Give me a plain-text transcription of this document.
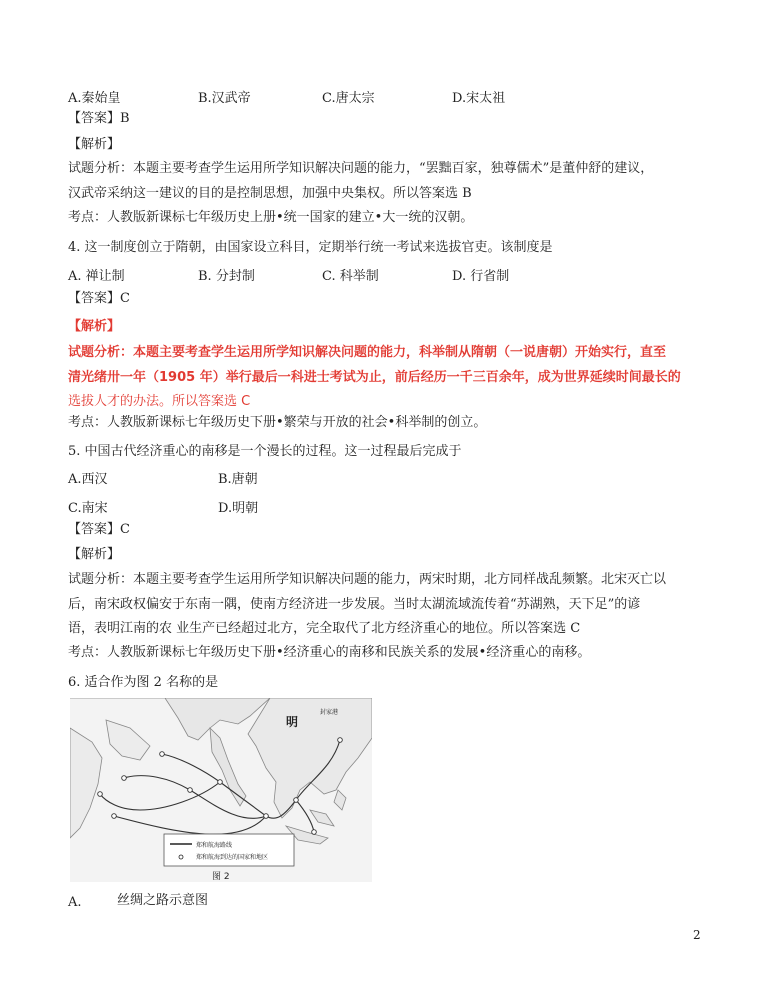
A.秦始皇	B.汉武帝	C.唐太宗	D.宋太祖
【答案】B
【解析】
试题分析：本题主要考查学生运用所学知识解决问题的能力，“罢黜百家，独尊儒术”是董仲舒的建议，
汉武帝采纳这一建议的目的是控制思想，加强中央集权。所以答案选 B
考点：人教版新课标七年级历史上册•统一国家的建立•大一统的汉朝。
4. 这一制度创立于隋朝，由国家设立科目，定期举行统一考试来选拔官吏。该制度是
A. 禅让制	B. 分封制	C. 科举制	D. 行省制
【答案】C
【解析】
试题分析：本题主要考查学生运用所学知识解决问题的能力，科举制从隋朝（一说唐朝）开始实行，直至
清光绪卅一年（1905 年）举行最后一科进士考试为止，前后经历一千三百余年，成为世界延续时间最长的
选拔人才的办法。所以答案选 C
考点：人教版新课标七年级历史下册•繁荣与开放的社会•科举制的创立。
5. 中国古代经济重心的南移是一个漫长的过程。这一过程最后完成于
A.西汉	B.唐朝
C.南宋	D.明朝
【答案】C
【解析】
试题分析：本题主要考查学生运用所学知识解决问题的能力，两宋时期，北方同样战乱频繁。北宋灭亡以
后，南宋政权偏安于东南一隅，使南方经济进一步发展。当时太湖流域流传着“苏湖熟，天下足”的谚
语，表明江南的农 业生产已经超过北方，完全取代了北方经济重心的地位。所以答案选 C
考点：人教版新课标七年级历史下册•经济重心的南移和民族关系的发展•经济重心的南移。
6. 适合作为图 2 名称的是
明
封家港
郑和航海路线
郑和航海到达的国家和地区
图 2
A.	丝绸之路示意图
2
